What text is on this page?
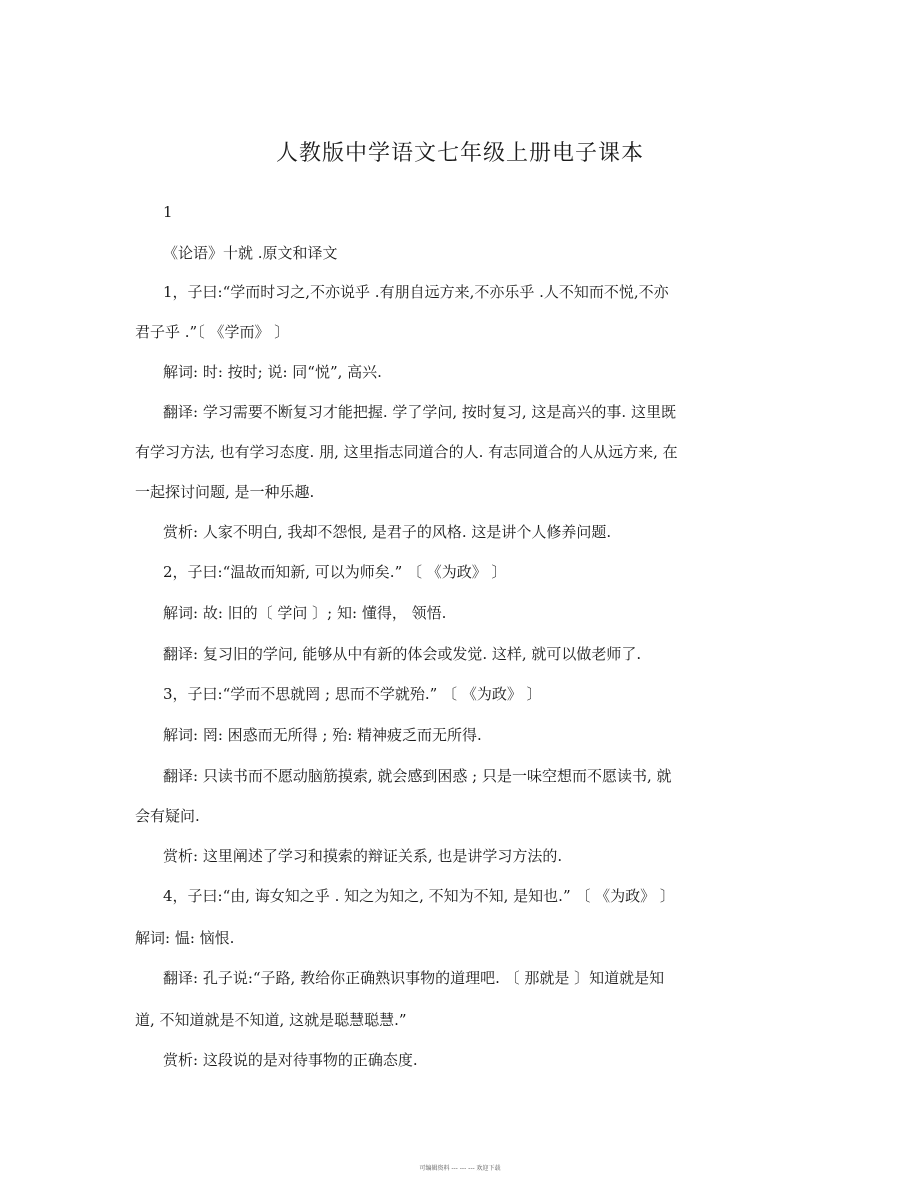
人教版中学语文七年级上册电子课本
1
《论语》十就 .原文和译文
1，子曰:“学而时习之,不亦说乎 .有朋自远方来,不亦乐乎 .人不知而不悦,不亦
君子乎 .”〔 《学而》 〕
解词: 时: 按时; 说: 同“悦”, 高兴.
翻译: 学习需要不断复习才能把握. 学了学问, 按时复习, 这是高兴的事. 这里既
有学习方法, 也有学习态度. 朋, 这里指志同道合的人. 有志同道合的人从远方来, 在
一起探讨问题, 是一种乐趣.
赏析: 人家不明白, 我却不怨恨, 是君子的风格. 这是讲个人修养问题.
2，子曰:“温故而知新, 可以为师矣.” 〔 《为政》 〕
解词: 故: 旧的〔 学问 〕; 知: 懂得， 领悟.
翻译: 复习旧的学问, 能够从中有新的体会或发觉. 这样, 就可以做老师了.
3，子曰:“学而不思就罔 ; 思而不学就殆.” 〔 《为政》 〕
解词: 罔: 困惑而无所得 ; 殆: 精神疲乏而无所得.
翻译: 只读书而不愿动脑筋摸索, 就会感到困惑 ; 只是一味空想而不愿读书, 就
会有疑问.
赏析: 这里阐述了学习和摸索的辩证关系, 也是讲学习方法的.
4，子曰:“由, 诲女知之乎 . 知之为知之, 不知为不知, 是知也.” 〔 《为政》 〕
解词: 愠: 恼恨.
翻译: 孔子说:“子路, 教给你正确熟识事物的道理吧. 〔 那就是 〕知道就是知
道, 不知道就是不知道, 这就是聪慧聪慧.”
赏析: 这段说的是对待事物的正确态度.
可编辑资料 --- --- --- 欢迎下载
